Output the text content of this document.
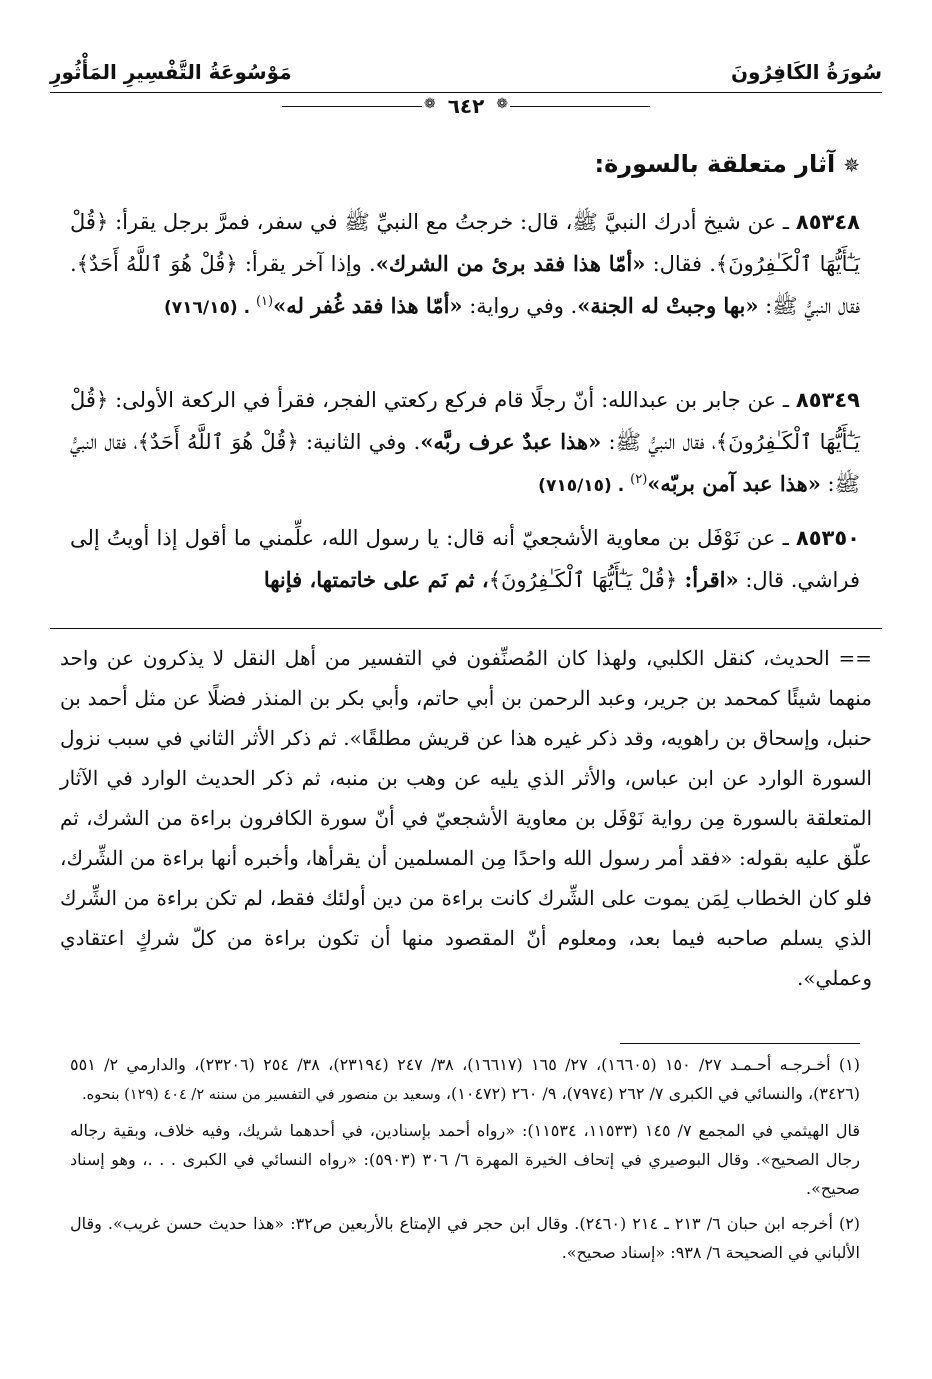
سُورَةُ الكَافِرُونَ
مَوْسُوعَةُ التَّفْسِيرِ المَأْثُورِ
❁
❁ ٦٤٢
✵آثار متعلقة بالسورة:
٨٥٣٤٨ ـ عن شيخ أدرك النبيَّ ﷺ، قال: خرجتُ مع النبيِّ ﷺ في سفر، فمرَّ برجل يقرأ: ﴿قُلْ يَـٰٓأَيُّهَا ٱلْكَـٰفِرُونَ﴾. فقال: «أمّا هذا فقد برئ من الشرك». وإذا آخر يقرأ: ﴿قُلْ هُوَ ٱللَّهُ أَحَدٌ﴾. فقال النبيُّ ﷺ: «بها وجبتْ له الجنة». وفي رواية: «أمّا هذا فقد غُفر له»$^{(١)}$ . (٧١٦/١٥)
٨٥٣٤٩ ـ عن جابر بن عبدالله: أنّ رجلًا قام فركع ركعتي الفجر، فقرأ في الركعة الأولى: ﴿قُلْ يَـٰٓأَيُّهَا ٱلْكَـٰفِرُونَ﴾، فقال النبيُّ ﷺ: «هذا عبدٌ عرف ربَّه». وفي الثانية: ﴿قُلْ هُوَ ٱللَّهُ أَحَدٌ﴾، فقال النبيُّ ﷺ: «هذا عبد آمن بربّه»$^{(٢)}$ . (٧١٥/١٥)
٨٥٣٥٠ ـ عن نَوْفَل بن معاوية الأشجعيّ أنه قال: يا رسول الله، علِّمني ما أقول إذا أويتُ إلى فراشي. قال: «اقرأ: ﴿قُلْ يَـٰٓأَيُّهَا ٱلْكَـٰفِرُونَ﴾، ثم نَم على خاتمتها، فإنها
== الحديث، كنقل الكلبي، ولهذا كان المُصنِّفون في التفسير من أهل النقل لا يذكرون عن واحد منهما شيئًا كمحمد بن جرير، وعبد الرحمن بن أبي حاتم، وأبي بكر بن المنذر فضلًا عن مثل أحمد بن حنبل، وإسحاق بن راهويه، وقد ذكر غيره هذا عن قريش مطلقًا». ثم ذكر الأثر الثاني في سبب نزول السورة الوارد عن ابن عباس، والأثر الذي يليه عن وهب بن منبه، ثم ذكر الحديث الوارد في الآثار المتعلقة بالسورة مِن رواية نَوْفَل بن معاوية الأشجعيّ في أنّ سورة الكافرون براءة من الشرك، ثم علّق عليه بقوله: «فقد أمر رسول الله واحدًا مِن المسلمين أن يقرأها، وأخبره أنها براءة من الشِّرك، فلو كان الخطاب لِمَن يموت على الشِّرك كانت براءة من دين أولئك فقط، لم تكن براءة من الشِّرك الذي يسلم صاحبه فيما بعد، ومعلوم أنّ المقصود منها أن تكون براءة من كلّ شركٍ اعتقادي وعملي».
(١) أخـرجـه أحـمـد ٢٧/ ١٥٠ (١٦٦٠٥)، ٢٧/ ١٦٥ (١٦٦١٧)، ٣٨/ ٢٤٧ (٢٣١٩٤)، ٣٨/ ٢٥٤ (٢٣٢٠٦)، والدارمي ٢/ ٥٥١ (٣٤٢٦)، والنسائي في الكبرى ٧/ ٢٦٢ (٧٩٧٤)، ٩/ ٢٦٠ (١٠٤٧٢)، وسعيد بن منصور في التفسير من سننه ٢/ ٤٠٤ (١٢٩) بنحوه.
قال الهيثمي في المجمع ٧/ ١٤٥ (١١٥٣٣، ١١٥٣٤): «رواه أحمد بإسنادين، في أحدهما شريك، وفيه خلاف، وبقية رجاله رجال الصحيح». وقال البوصيري في إتحاف الخيرة المهرة ٦/ ٣٠٦ (٥٩٠٣): «رواه النسائي في الكبرى . . .، وهو إسناد صحيح».
(٢) أخرجه ابن حبان ٦/ ٢١٣ ـ ٢١٤ (٢٤٦٠). وقال ابن حجر في الإمتاع بالأربعين ص٣٢: «هذا حديث حسن غريب». وقال الألباني في الصحيحة ٦/ ٩٣٨: «إسناد صحيح».
